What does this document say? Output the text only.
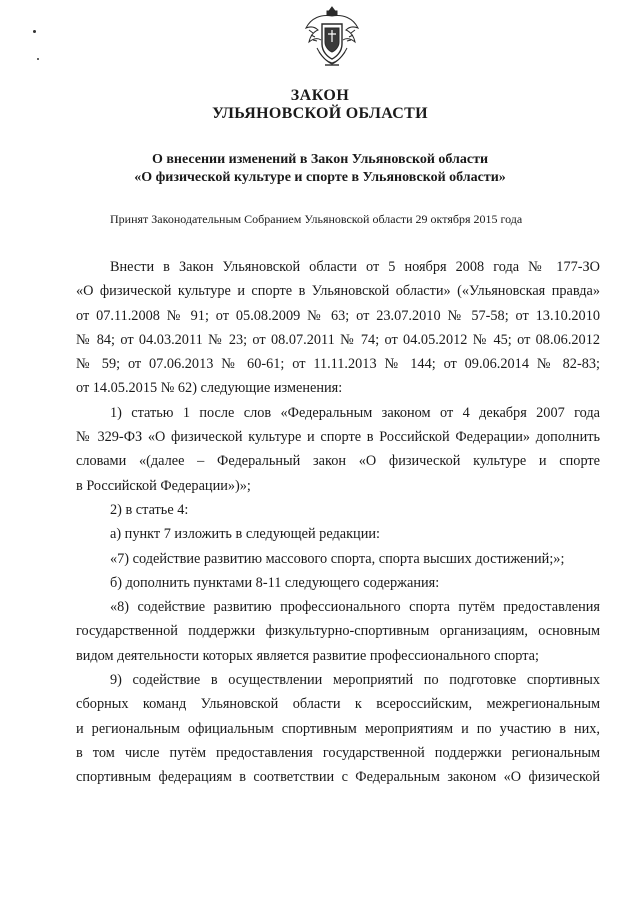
ЗАКОН
УЛЬЯНОВСКОЙ ОБЛАСТИ
О внесении изменений в Закон Ульяновской области
«О физической культуре и спорте в Ульяновской области»
Принят Законодательным Собранием Ульяновской области 29 октября 2015 года
Внести в Закон Ульяновской области от 5 ноября 2008 года № 177-ЗО
«О физической культуре и спорте в Ульяновской области» («Ульяновская правда»
от 07.11.2008 № 91; от 05.08.2009 № 63; от 23.07.2010 № 57-58; от 13.10.2010
№ 84; от 04.03.2011 № 23; от 08.07.2011 № 74; от 04.05.2012 № 45; от 08.06.2012
№ 59; от 07.06.2013 № 60-61; от 11.11.2013 № 144; от 09.06.2014 № 82-83;
от 14.05.2015 № 62) следующие изменения:
1) статью 1 после слов «Федеральным законом от 4 декабря 2007 года
№ 329-ФЗ «О физической культуре и спорте в Российской Федерации» дополнить
словами «(далее – Федеральный закон «О физической культуре и спорте
в Российской Федерации»)»;
2) в статье 4:
а) пункт 7 изложить в следующей редакции:
«7) содействие развитию массового спорта, спорта высших достижений;»;
б) дополнить пунктами 8-11 следующего содержания:
«8) содействие развитию профессионального спорта путём предоставления
государственной поддержки физкультурно-спортивным организациям, основным
видом деятельности которых является развитие профессионального спорта;
9) содействие в осуществлении мероприятий по подготовке спортивных
сборных команд Ульяновской области к всероссийским, межрегиональным
и региональным официальным спортивным мероприятиям и по участию в них,
в том числе путём предоставления государственной поддержки региональным
спортивным федерациям в соответствии с Федеральным законом «О физической
